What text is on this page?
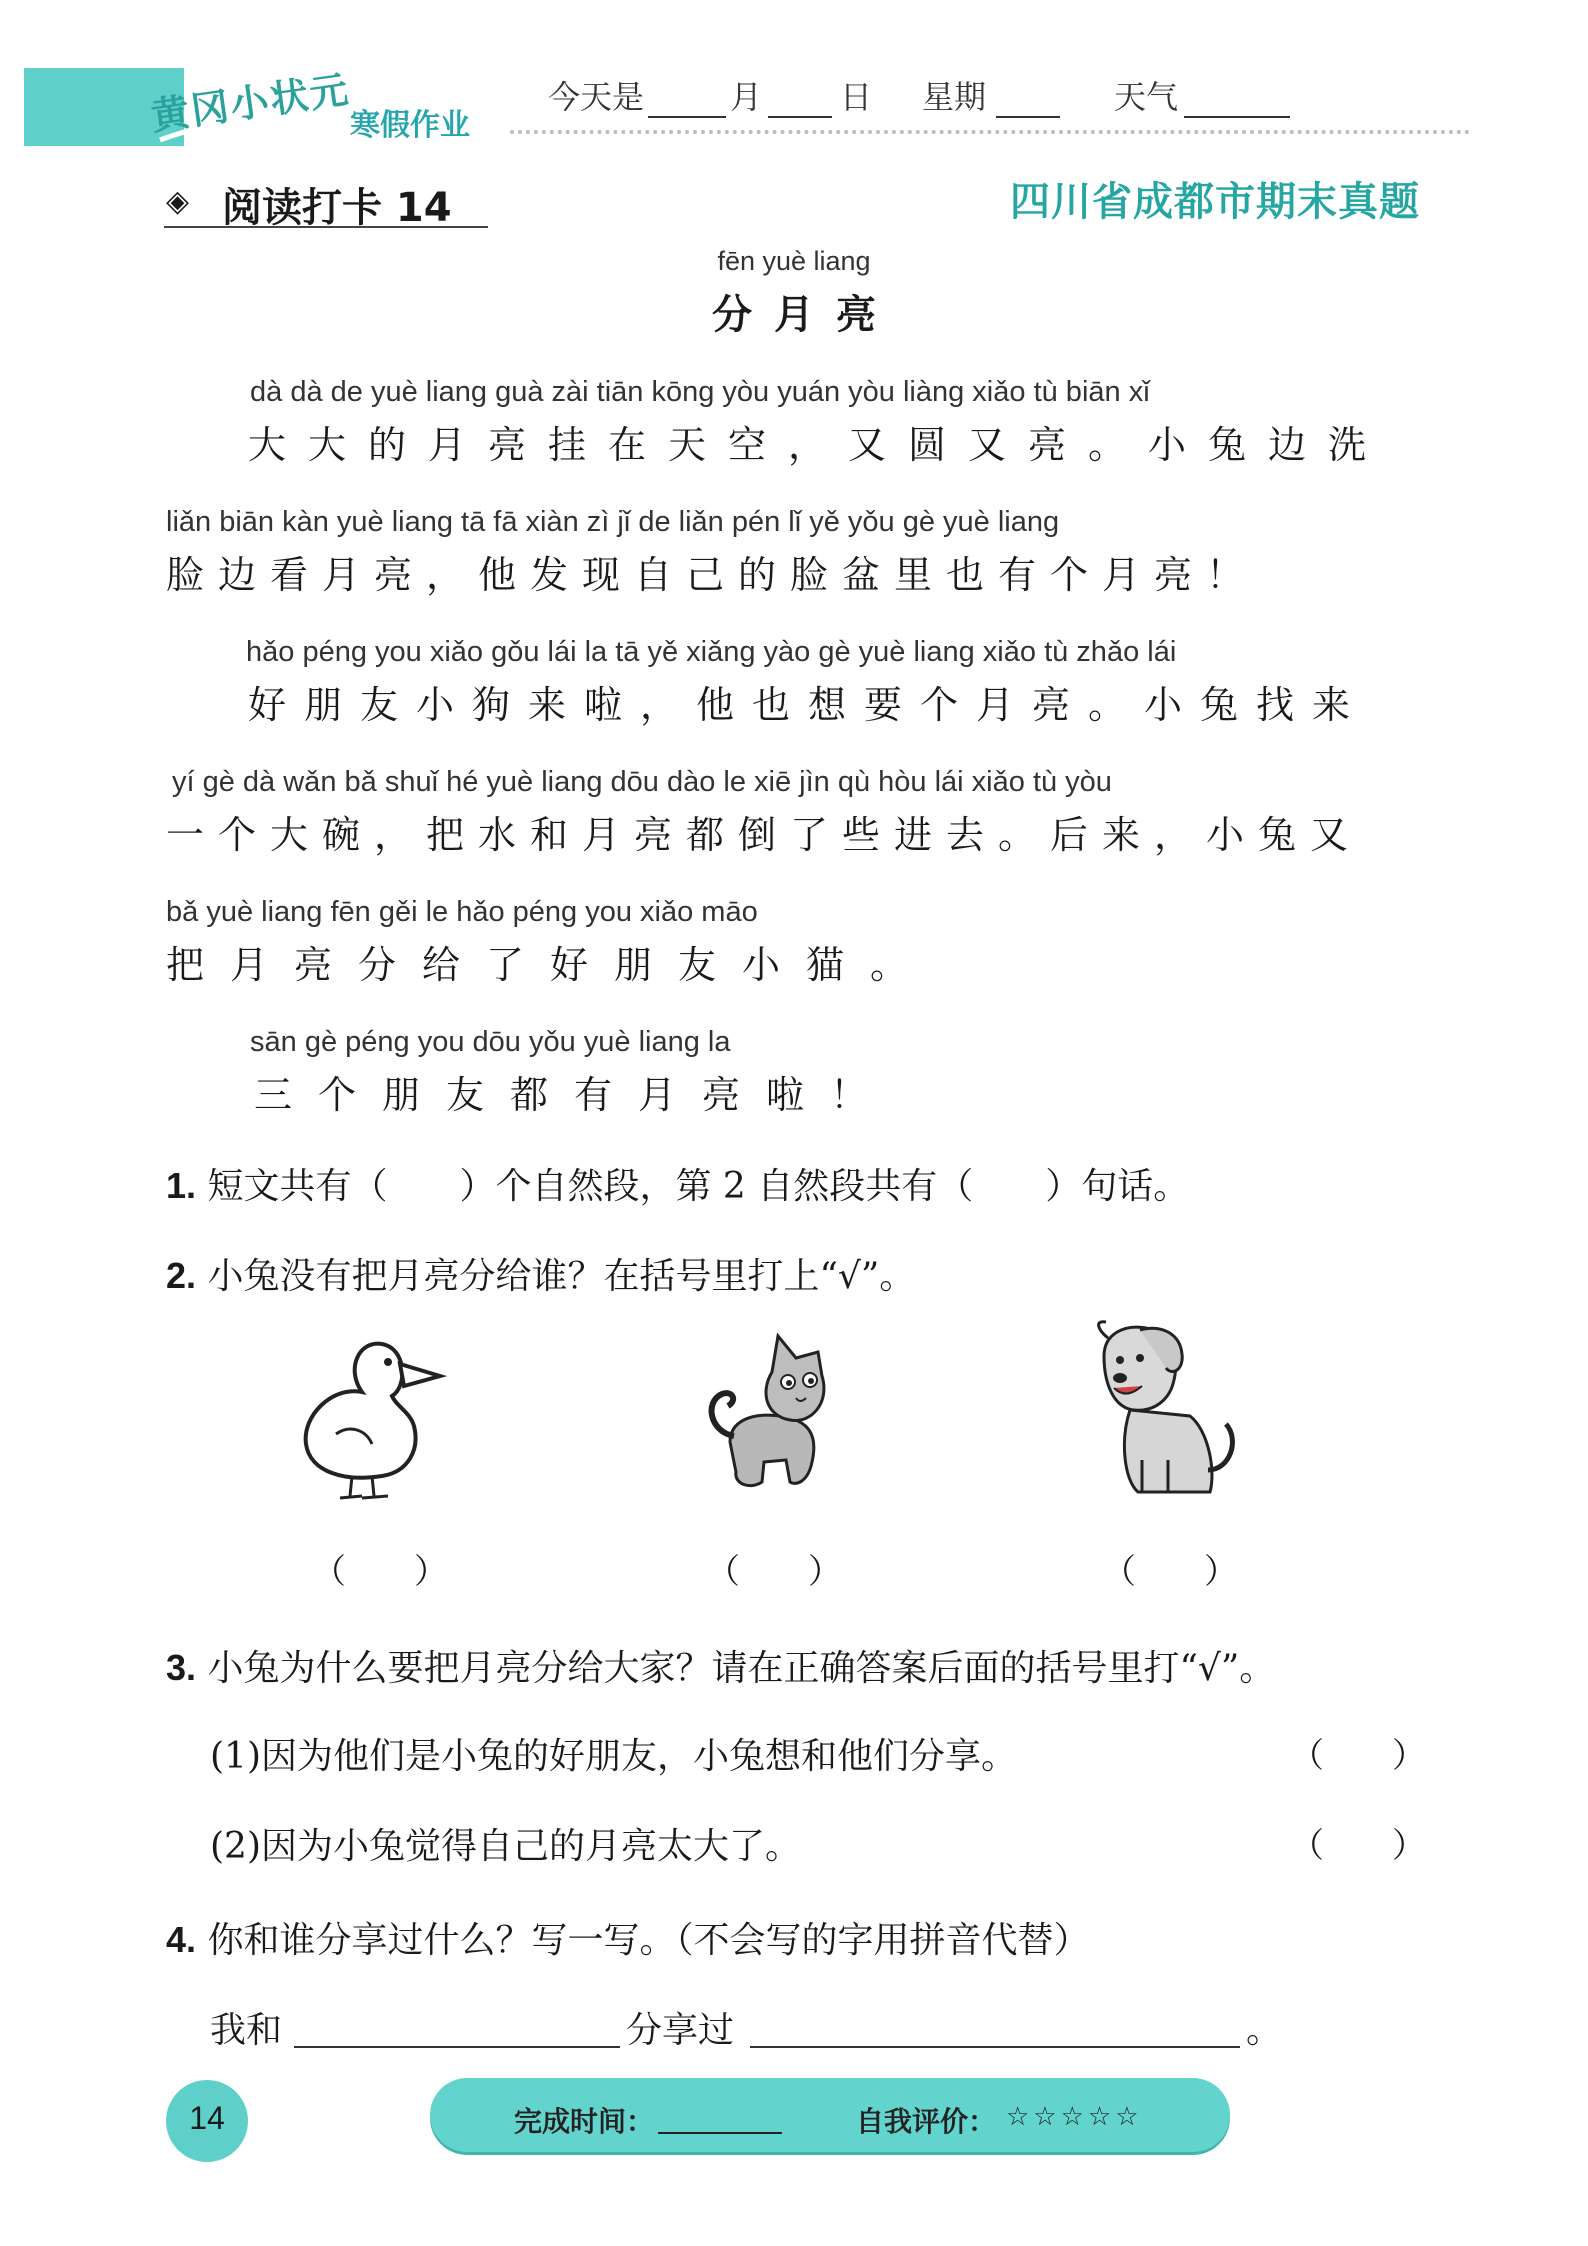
黄冈小状元
寒假作业
今天是	月 日 星期	天气
◈ 阅读打卡 14	四川省成都市期末真题
fēn yuè liang
分月亮
dà dà de yuè liang guà zài tiān kōng yòu yuán yòu liàng xiǎo tù biān xǐ
大大的月亮挂在天空，又圆又亮。小兔边洗
liǎn biān kàn yuè liang tā fā xiàn zì jǐ de liǎn pén lǐ yě yǒu gè yuè liang
脸边看月亮，他发现自己的脸盆里也有个月亮！
hǎo péng you xiǎo gǒu lái la tā yě xiǎng yào gè yuè liang xiǎo tù zhǎo lái
好朋友小狗来啦，他也想要个月亮。小兔找来
yí gè dà wǎn bǎ shuǐ hé yuè liang dōu dào le xiē jìn qù hòu lái xiǎo tù yòu
一个大碗，把水和月亮都倒了些进去。后来，小兔又
bǎ yuè liang fēn gěi le hǎo péng you xiǎo māo
把月亮分给了好朋友小猫。
sān gè péng you dōu yǒu yuè liang la
三个朋友都有月亮啦！
1. 短文共有（　　）个自然段，第 2 自然段共有（　　）句话。
2. 小兔没有把月亮分给谁？在括号里打上“√”。
（　　）	（　　）	（　　）
3. 小兔为什么要把月亮分给大家？请在正确答案后面的括号里打“√”。
(1)因为他们是小兔的好朋友，小兔想和他们分享。	（　　）
(2)因为小兔觉得自己的月亮太大了。	（　　）
4. 你和谁分享过什么？写一写。（不会写的字用拼音代替）
我和	分享过	。
14	完成时间：	自我评价： ☆☆☆☆☆
